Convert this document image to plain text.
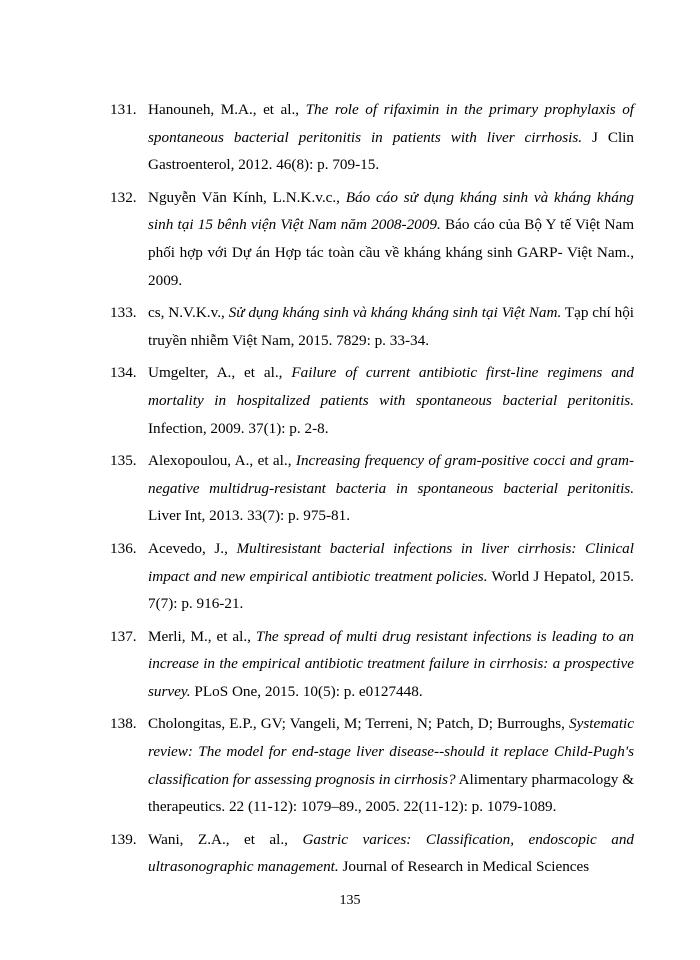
131. Hanouneh, M.A., et al., The role of rifaximin in the primary prophylaxis of spontaneous bacterial peritonitis in patients with liver cirrhosis. J Clin Gastroenterol, 2012. 46(8): p. 709-15.
132. Nguyễn Văn Kính, L.N.K.v.c., Báo cáo sử dụng kháng sinh và kháng kháng sinh tại 15 bênh viện Việt Nam năm 2008-2009. Báo cáo của Bộ Y tế Việt Nam phối hợp với Dự án Hợp tác toàn cầu về kháng kháng sinh GARP- Việt Nam., 2009.
133. cs, N.V.K.v., Sử dụng kháng sinh và kháng kháng sinh tại Việt Nam. Tạp chí hội truyền nhiễm Việt Nam, 2015. 7829: p. 33-34.
134. Umgelter, A., et al., Failure of current antibiotic first-line regimens and mortality in hospitalized patients with spontaneous bacterial peritonitis. Infection, 2009. 37(1): p. 2-8.
135. Alexopoulou, A., et al., Increasing frequency of gram-positive cocci and gram-negative multidrug-resistant bacteria in spontaneous bacterial peritonitis. Liver Int, 2013. 33(7): p. 975-81.
136. Acevedo, J., Multiresistant bacterial infections in liver cirrhosis: Clinical impact and new empirical antibiotic treatment policies. World J Hepatol, 2015. 7(7): p. 916-21.
137. Merli, M., et al., The spread of multi drug resistant infections is leading to an increase in the empirical antibiotic treatment failure in cirrhosis: a prospective survey. PLoS One, 2015. 10(5): p. e0127448.
138. Cholongitas, E.P., GV; Vangeli, M; Terreni, N; Patch, D; Burroughs, Systematic review: The model for end-stage liver disease--should it replace Child-Pugh's classification for assessing prognosis in cirrhosis? Alimentary pharmacology & therapeutics. 22 (11-12): 1079–89., 2005. 22(11-12): p. 1079-1089.
139. Wani, Z.A., et al., Gastric varices: Classification, endoscopic and ultrasonographic management. Journal of Research in Medical Sciences
135
